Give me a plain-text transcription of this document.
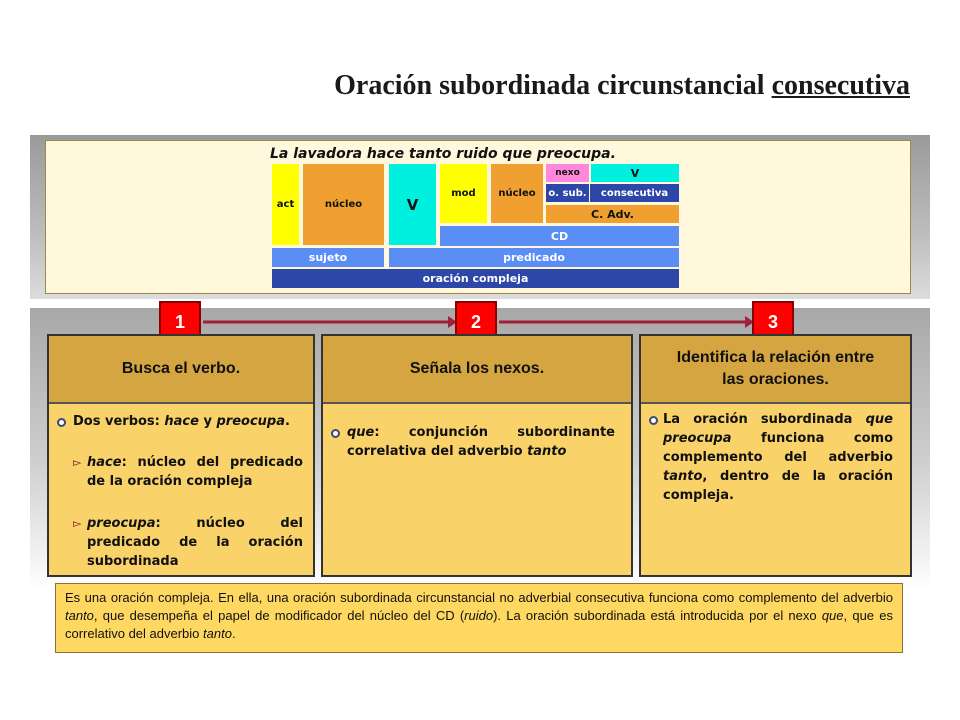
Oración subordinada circunstancial consecutiva
La lavadora hace tanto ruido que preocupa.
act	núcleo	V
mod	núcleo
nexo	V
o. sub.	consecutiva
C. Adv.
CD
sujeto	predicado
oración compleja
1	2	3
Busca el verbo.
Dos verbos: hace y preocupa.
▻ hace: núcleo del predicado de la oración compleja
▻ preocupa: núcleo del predicado de la oración subordinada
Señala los nexos.
que: conjunción subordinante correlativa del adverbio tanto
Identifica la relación entre
las oraciones.
La oración subordinada que preocupa funciona como complemento del adverbio tanto, dentro de la oración compleja.
Es una oración compleja. En ella, una oración subordinada circunstancial no adverbial consecutiva funciona como complemento del adverbio tanto, que desempeña el papel de modificador del núcleo del CD (ruido). La oración subordinada está introducida por el nexo que, que es correlativo del adverbio tanto.
